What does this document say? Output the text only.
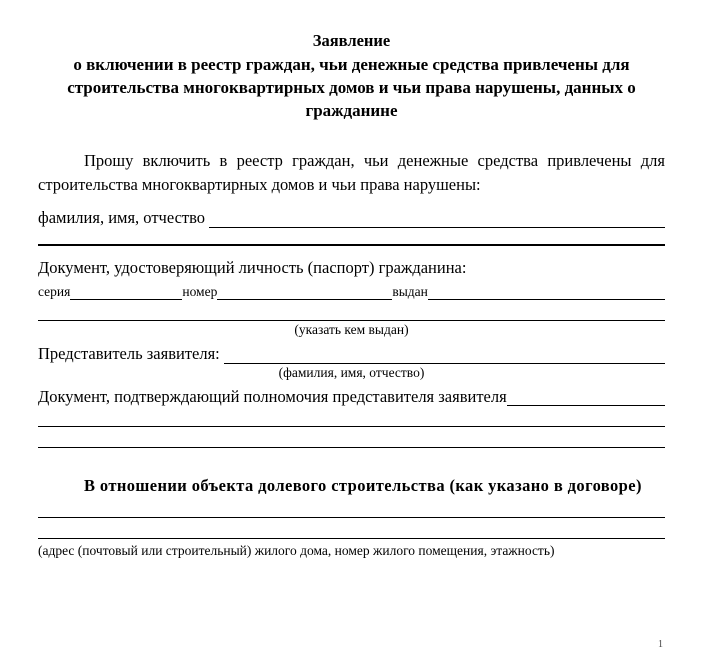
Заявление
о включении в реестр граждан, чьи денежные средства привлечены для строительства многоквартирных домов и чьи права нарушены, данных о гражданине
Прошу включить в реестр граждан, чьи денежные средства привлечены для строительства многоквартирных домов и чьи права нарушены:
фамилия, имя, отчество
Документ, удостоверяющий личность (паспорт) гражданина:
серия	номер	выдан
(указать кем выдан)
Представитель заявителя:
(фамилия, имя, отчество)
Документ, подтверждающий полномочия представителя заявителя
В отношении объекта долевого строительства (как указано в договоре)
(адрес (почтовый или строительный) жилого дома, номер жилого помещения, этажность)
1
